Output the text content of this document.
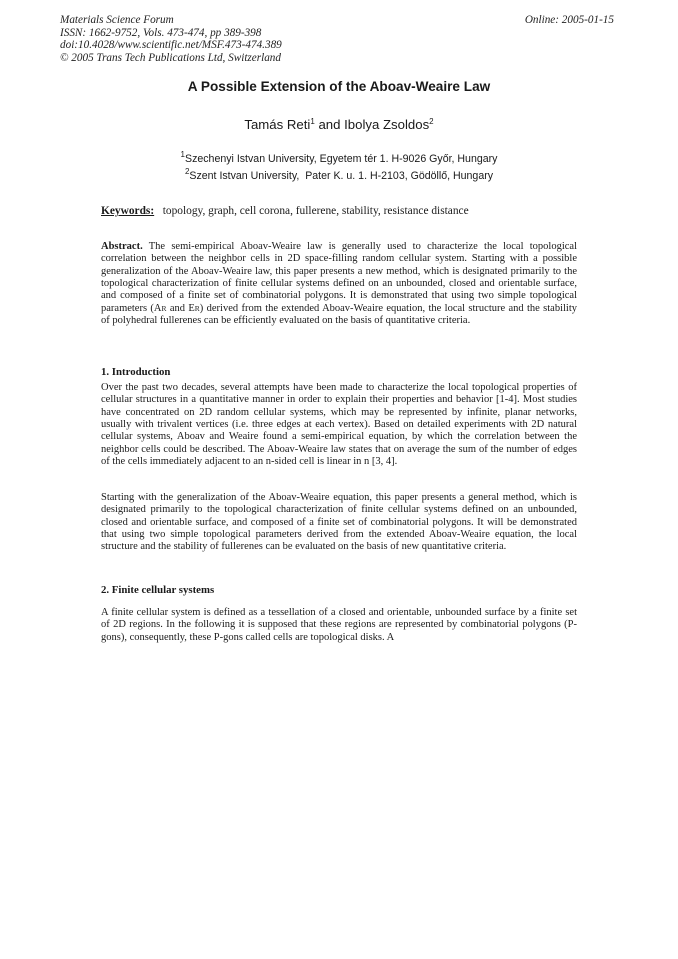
Materials Science Forum
ISSN: 1662-9752, Vols. 473-474, pp 389-398
doi:10.4028/www.scientific.net/MSF.473-474.389
© 2005 Trans Tech Publications Ltd, Switzerland
Online: 2005-01-15
A Possible Extension of the Aboav-Weaire Law
Tamás Reti$^1$ and Ibolya Zsoldos$^2$
$^1$Szechenyi Istvan University, Egyetem tér 1. H-9026 Győr, Hungary
$^2$Szent Istvan University,  Pater K. u. 1. H-2103, Gödöllő, Hungary
Keywords: topology, graph, cell corona, fullerene, stability, resistance distance
Abstract. The semi-empirical Aboav-Weaire law is generally used to characterize the local topological correlation between the neighbor cells in 2D space-filling random cellular system. Starting with a possible generalization of the Aboav-Weaire law, this paper presents a new method, which is designated primarily to the topological characterization of finite cellular systems defined on an unbounded, closed and orientable surface, and composed of a finite set of combinatorial polygons. It is demonstrated that using two simple topological parameters (AR and ER) derived from the extended Aboav-Weaire equation, the local structure and the stability of polyhedral fullerenes can be efficiently evaluated on the basis of quantitative criteria.
1. Introduction
Over the past two decades, several attempts have been made to characterize the local topological properties of cellular structures in a quantitative manner in order to explain their properties and behavior [1-4]. Most studies have concentrated on 2D random cellular systems, which may be represented by infinite, planar networks, usually with trivalent vertices (i.e. three edges at each vertex). Based on detailed experiments with 2D natural cellular systems, Aboav and Weaire found a semi-empirical equation, by which the correlation between the neighbor cells could be described. The Aboav-Weaire law states that on average the sum of the number of edges of the cells immediately adjacent to an n-sided cell is linear in n [3, 4].
Starting with the generalization of the Aboav-Weaire equation, this paper presents a general method, which is designated primarily to the topological characterization of finite cellular systems defined on an unbounded, closed and orientable surface, and composed of a finite set of combinatorial polygons. It will be demonstrated that using two simple topological parameters derived from the extended Aboav-Weaire equation, the local structure and the stability of fullerenes can be evaluated on the basis of new quantitative criteria.
2. Finite cellular systems
A finite cellular system is defined as a tessellation of a closed and orientable, unbounded surface by a finite set of 2D regions. In the following it is supposed that these regions are represented by combinatorial polygons (P-gons), consequently, these P-gons called cells are topological disks. A
